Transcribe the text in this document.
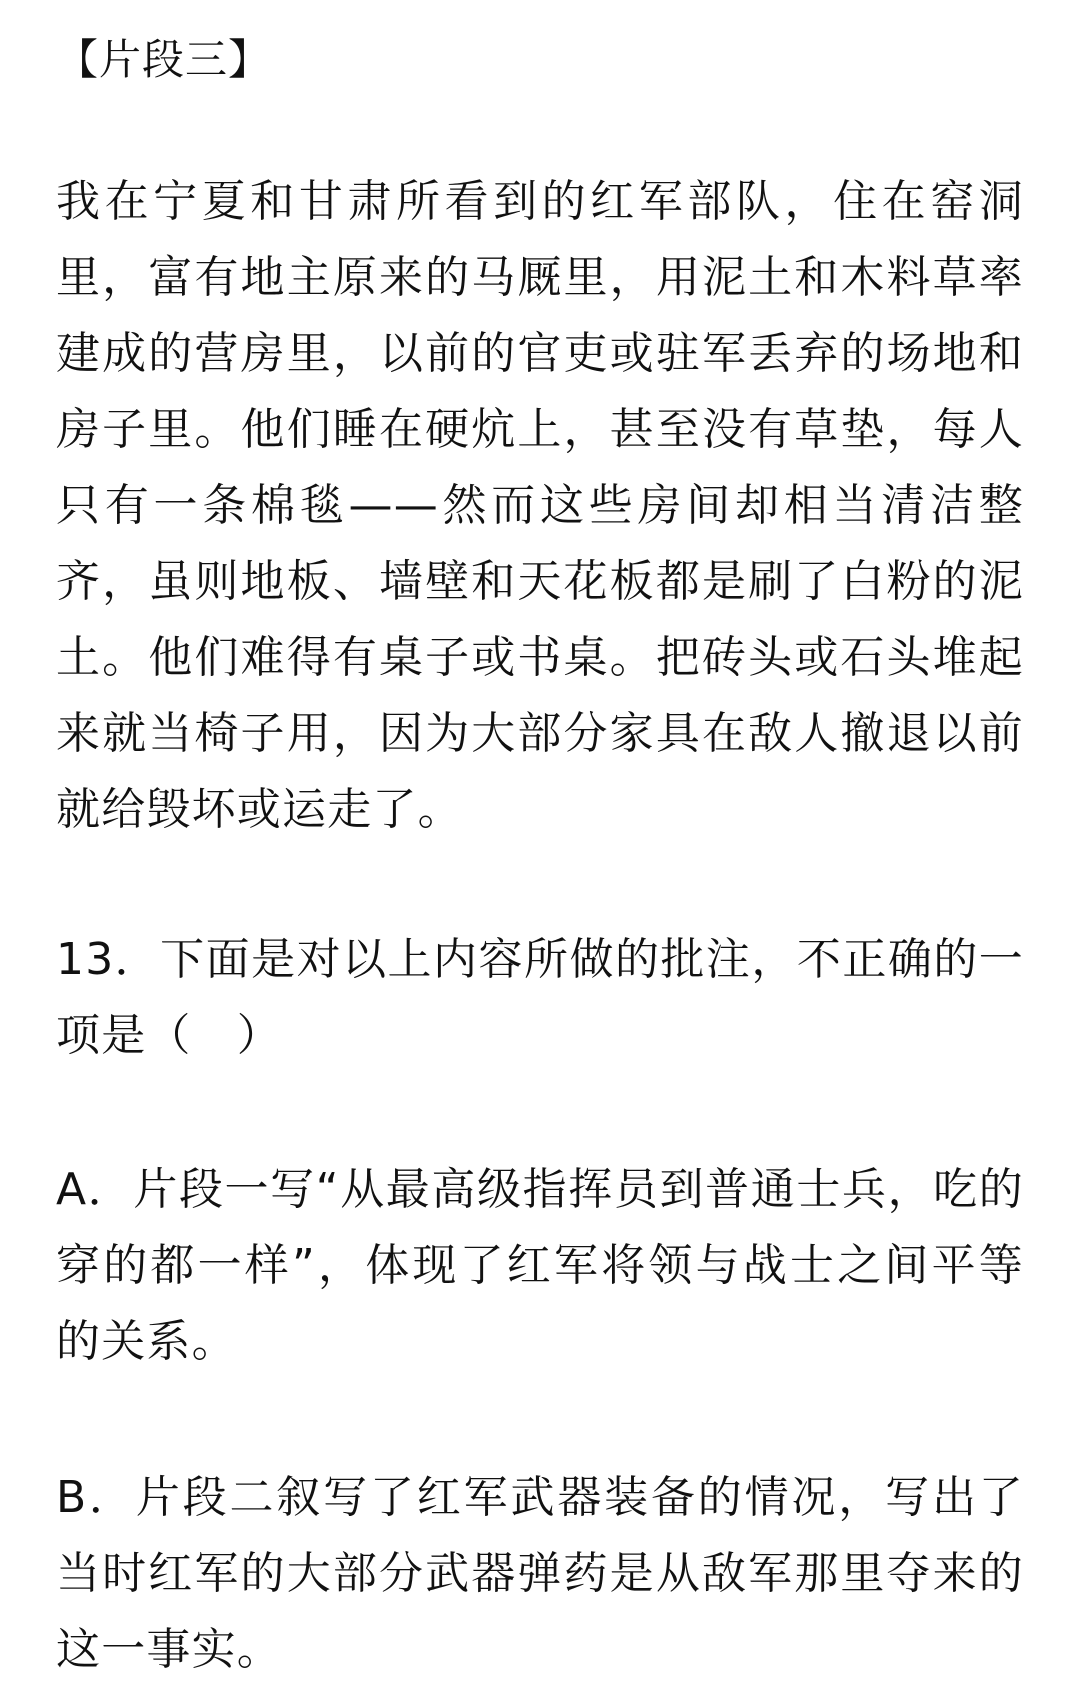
【片段三】

我在宁夏和甘肃所看到的红军部队，住在窑洞里，富有地主原来的马厩里，用泥土和木料草率建成的营房里，以前的官吏或驻军丢弃的场地和房子里。他们睡在硬炕上，甚至没有草垫，每人只有一条棉毯——然而这些房间却相当清洁整齐，虽则地板、墙壁和天花板都是刷了白粉的泥土。他们难得有桌子或书桌。把砖头或石头堆起来就当椅子用，因为大部分家具在敌人撤退以前就给毁坏或运走了。

13．下面是对以上内容所做的批注，不正确的一项是（　）

A．片段一写“从最高级指挥员到普通士兵，吃的穿的都一样”，体现了红军将领与战士之间平等的关系。

B．片段二叙写了红军武器装备的情况，写出了当时红军的大部分武器弹药是从敌军那里夺来的这一事实。
